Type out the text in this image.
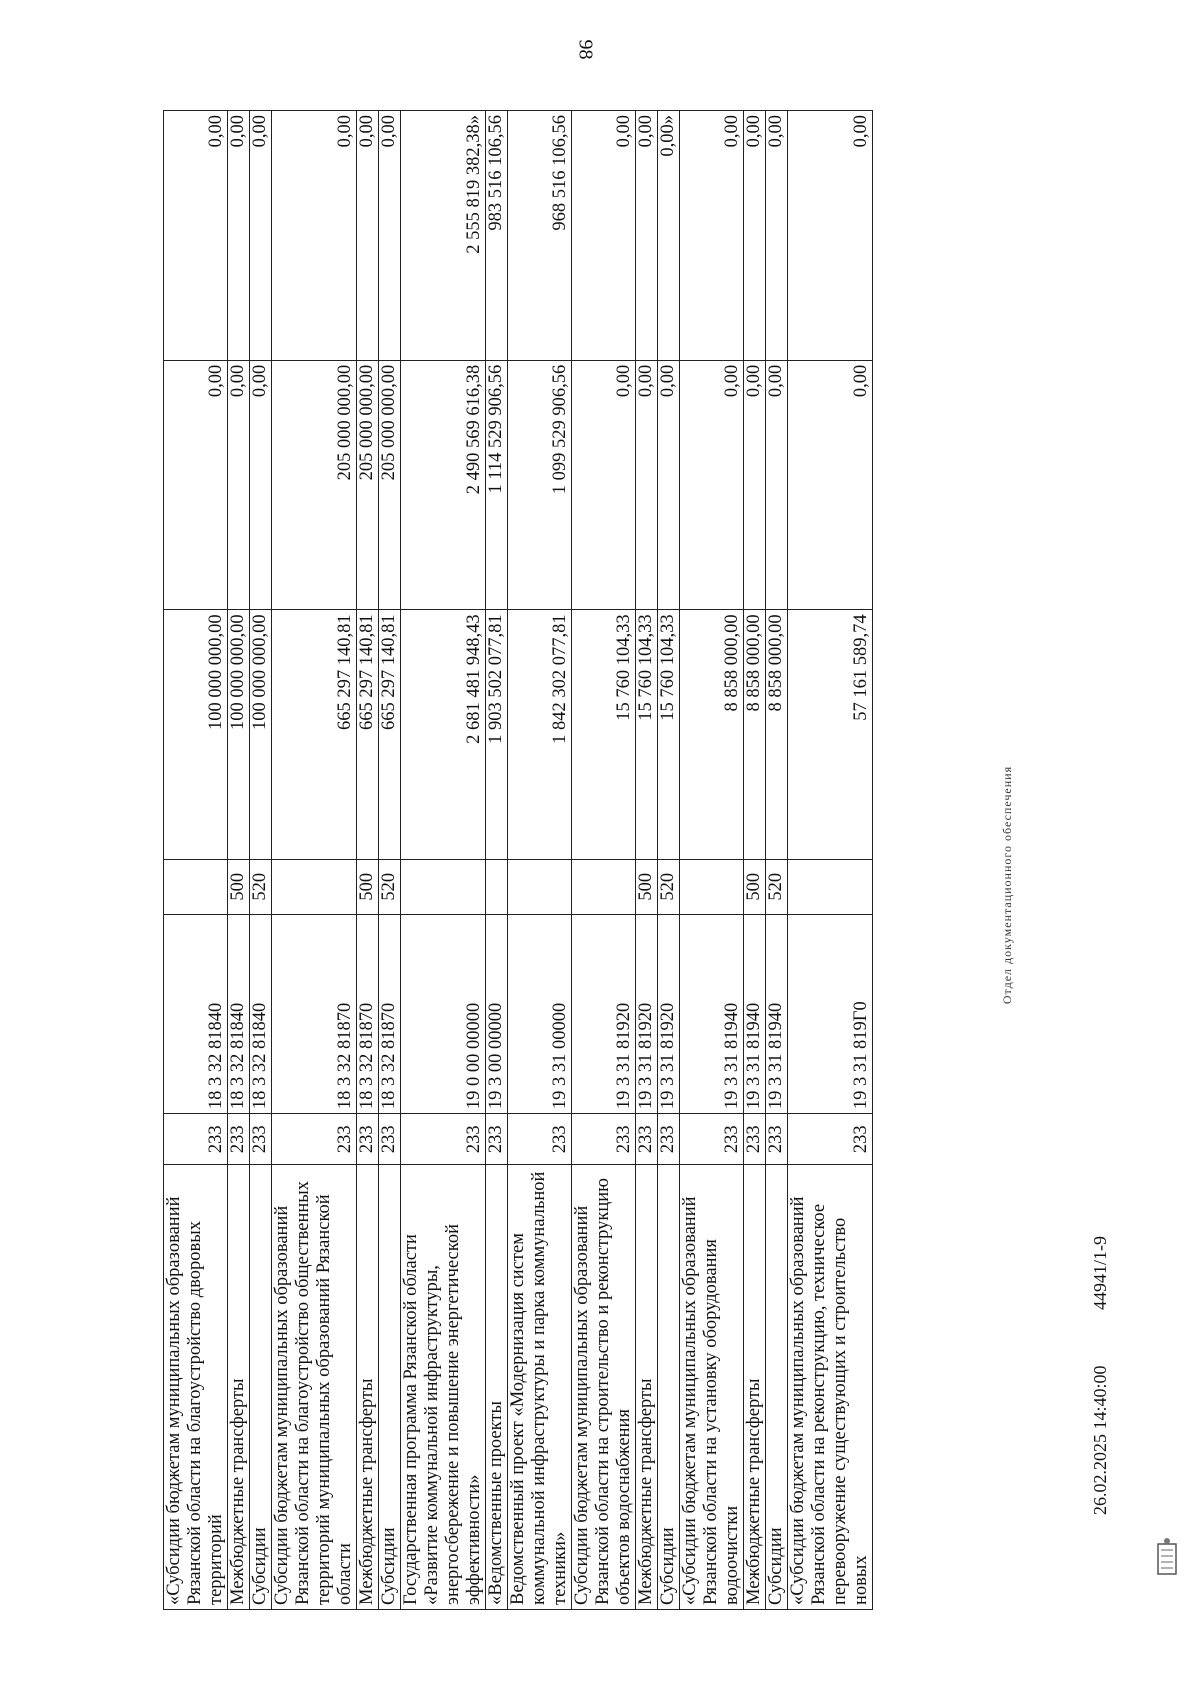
98
«Субсидии бюджетам муниципальных образований Рязанской области на благоустройство дворовых территорий	233	18 3 32 81840		100 000 000,00	0,00	0,00
Межбюджетные трансферты	233	18 3 32 81840	500	100 000 000,00	0,00	0,00
Субсидии	233	18 3 32 81840	520	100 000 000,00	0,00	0,00
Субсидии бюджетам муниципальных образований Рязанской области на благоустройство общественных территорий муниципальных образований Рязанской области	233	18 3 32 81870		665 297 140,81	205 000 000,00	0,00
Межбюджетные трансферты	233	18 3 32 81870	500	665 297 140,81	205 000 000,00	0,00
Субсидии	233	18 3 32 81870	520	665 297 140,81	205 000 000,00	0,00
Государственная программа Рязанской области «Развитие коммунальной инфраструктуры, энергосбережение и повышение энергетической эффективности»	233	19 0 00 00000		2 681 481 948,43	2 490 569 616,38	2 555 819 382,38»
«Ведомственные проекты	233	19 3 00 00000		1 903 502 077,81	1 114 529 906,56	983 516 106,56
Ведомственный проект «Модернизация систем коммунальной инфраструктуры и парка коммунальной техники»	233	19 3 31 00000		1 842 302 077,81	1 099 529 906,56	968 516 106,56
Субсидии бюджетам муниципальных образований Рязанской области на строительство и реконструкцию объектов водоснабжения	233	19 3 31 81920		15 760 104,33	0,00	0,00
Межбюджетные трансферты	233	19 3 31 81920	500	15 760 104,33	0,00	0,00
Субсидии	233	19 3 31 81920	520	15 760 104,33	0,00	0,00»
«Субсидии бюджетам муниципальных образований Рязанской области на установку оборудования водоочистки	233	19 3 31 81940		8 858 000,00	0,00	0,00
Межбюджетные трансферты	233	19 3 31 81940	500	8 858 000,00	0,00	0,00
Субсидии	233	19 3 31 81940	520	8 858 000,00	0,00	0,00
«Субсидии бюджетам муниципальных образований Рязанской области на реконструкцию, техническое перевооружение существующих и строительство новых	233	19 3 31 819Г0		57 161 589,74	0,00	0,00
Отдел документационного обеспечения
26.02.2025 14:40:00
44941/1-9
